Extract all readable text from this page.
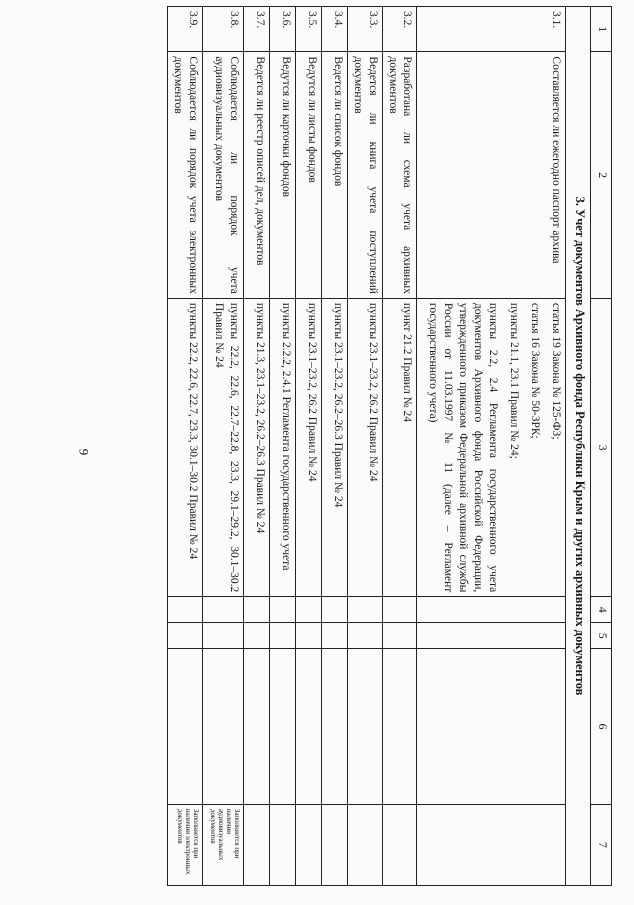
9
1	2	3	4	5	6	7
3. Учет документов Архивного фонда Республики Крым и других архивных документов						
3.1.	Составляется ли ежегодно паспорт архива	статья 19 Закона № 125-ФЗ;
статья 16 Закона № 50-ЗРК;
пункты 21.1, 23.1 Правил № 24;
пункты 2.2, 2.4 Регламента государственного учета документов Архивного фонда Российской Федерации, утвержденного приказом Федеральной архивной службы России от 11.03.1997 № 11 (далее – Регламент государственного учета)				

3.2.	Разработана ли схема учета архивных документов	пункт 21.2 Правил № 24				

3.3.	Ведется ли книга учета поступлений документов	пункты 23.1–23.2, 26.2 Правил № 24				

3.4.	Ведется ли список фондов	пункты 23.1–23.2, 26.2–26.3 Правил № 24				

3.5.	Ведутся ли листы фондов	пункты 23.1–23.2, 26.2 Правил № 24				

3.6.	Ведутся ли карточки фондов	пункты 2.2.2, 2.4.1 Регламента государственного учета				

3.7.	Ведется ли реестр описей дел, документов	пункты 21.3, 23.1–23.2, 26.2–26.3 Правил № 24				

3.8.	Соблюдается ли порядок учета аудиовизуальных документов	пункты 22.2, 22.6, 22.7–22.8, 23.3, 29.1–29.2, 30.1–30.2 Правил № 24				Заполняется при наличии аудиовизуальных документов
3.9.	Соблюдается ли порядок учета электронных документов	пункты 22.2, 22.6, 22.7, 23.3, 30.1–30.2 Правил № 24				Заполняется при наличии электронных документов
